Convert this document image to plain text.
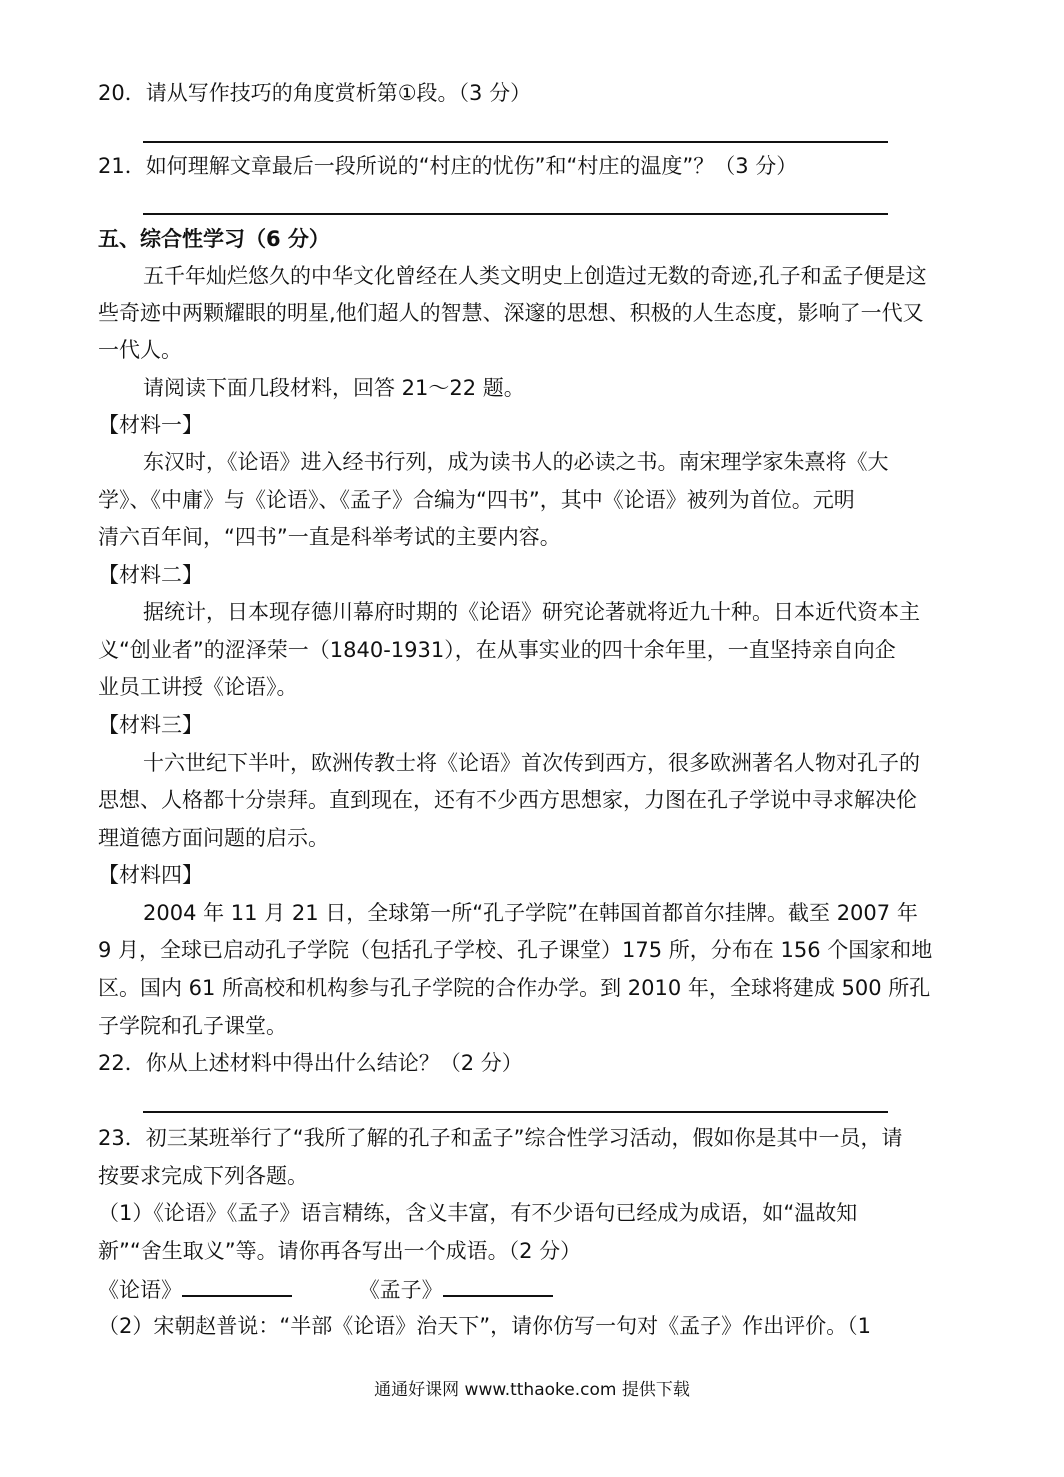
20．请从写作技巧的角度赏析第①段。（3 分）
21．如何理解文章最后一段所说的“村庄的忧伤”和“村庄的温度”？（3 分）
五、综合性学习（6 分）
五千年灿烂悠久的中华文化曾经在人类文明史上创造过无数的奇迹,孔子和孟子便是这
些奇迹中两颗耀眼的明星,他们超人的智慧、深邃的思想、积极的人生态度，影响了一代又
一代人。
请阅读下面几段材料，回答 21～22 题。
【材料一】
东汉时，《论语》进入经书行列，成为读书人的必读之书。南宋理学家朱熹将《大
学》、《中庸》与《论语》、《孟子》合编为“四书”，其中《论语》被列为首位。元明
清六百年间，“四书”一直是科举考试的主要内容。
【材料二】
据统计，日本现存德川幕府时期的《论语》研究论著就将近九十种。日本近代资本主
义“创业者”的涩泽荣一（1840-1931），在从事实业的四十余年里，一直坚持亲自向企
业员工讲授《论语》。
【材料三】
十六世纪下半叶，欧洲传教士将《论语》首次传到西方，很多欧洲著名人物对孔子的
思想、人格都十分崇拜。直到现在，还有不少西方思想家，力图在孔子学说中寻求解决伦
理道德方面问题的启示。
【材料四】
2004 年 11 月 21 日，全球第一所“孔子学院”在韩国首都首尔挂牌。截至 2007 年
9 月，全球已启动孔子学院（包括孔子学校、孔子课堂）175 所，分布在 156 个国家和地
区。国内 61 所高校和机构参与孔子学院的合作办学。到 2010 年，全球将建成 500 所孔
子学院和孔子课堂。
22．你从上述材料中得出什么结论？（2 分）
23．初三某班举行了“我所了解的孔子和孟子”综合性学习活动，假如你是其中一员，请
按要求完成下列各题。
（1）《论语》《孟子》语言精练，含义丰富，有不少语句已经成为成语，如“温故知
新”“舍生取义”等。请你再各写出一个成语。（2 分）
《论语》	《孟子》
（2）宋朝赵普说：“半部《论语》治天下”，请你仿写一句对《孟子》作出评价。（1
通通好课网 www.tthaoke.com 提供下载
